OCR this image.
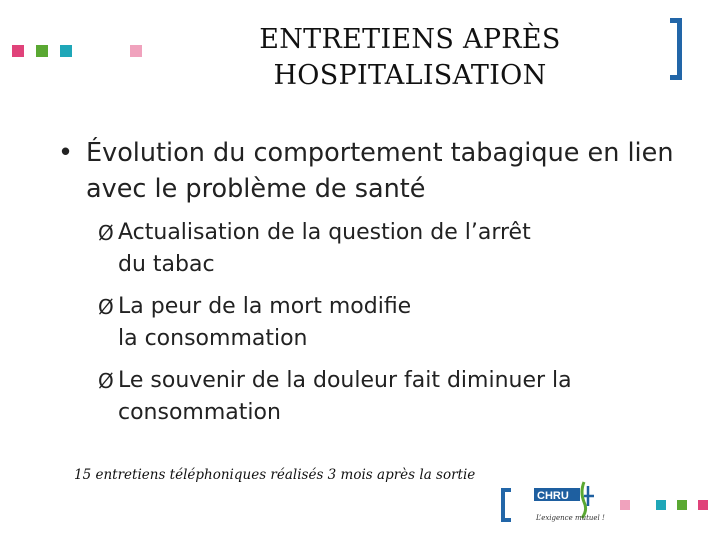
ENTRETIENS APRÈS
HOSPITALISATION
• Évolution du comportement tabagique en lien avec le problème de santé
Ø Actualisation de la question de l’arrêt
du tabac
Ø La peur de la mort modifie
la consommation
Ø Le souvenir de la douleur fait diminuer la
consommation
15 entretiens téléphoniques réalisés 3 mois après la sortie
CHRU
L’exigence mutuel !
